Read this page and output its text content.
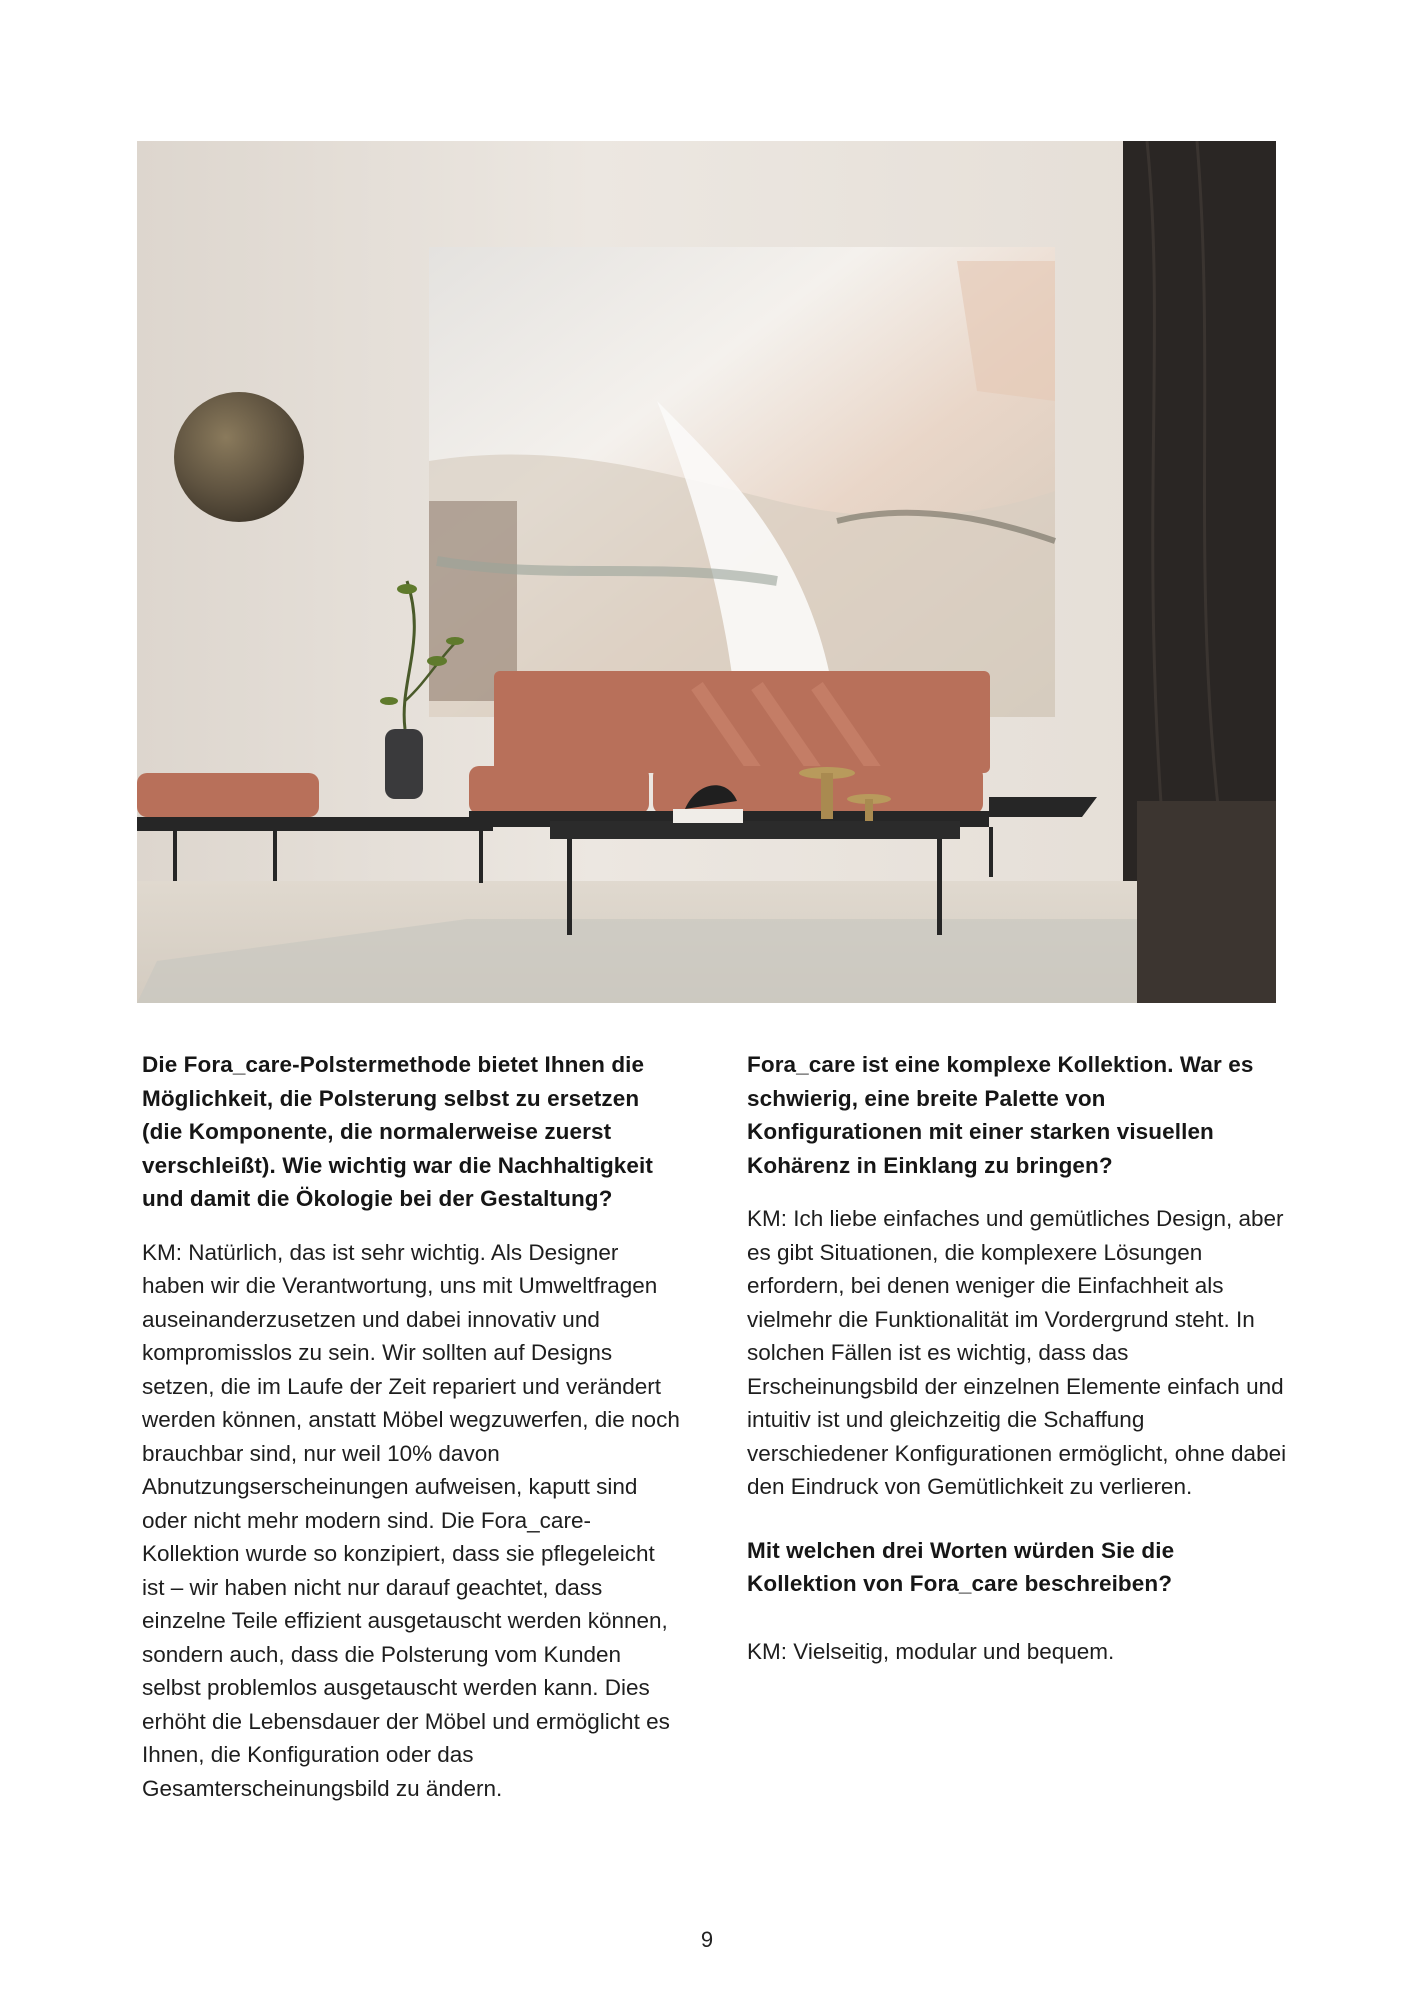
Die Fora_care-Polstermethode bietet Ihnen die Möglichkeit, die Polsterung selbst zu ersetzen (die Komponente, die normalerweise zuerst verschleißt). Wie wichtig war die Nachhaltigkeit und damit die Ökologie bei der Gestaltung?

KM: Natürlich, das ist sehr wichtig. Als Designer haben wir die Verantwortung, uns mit Umweltfragen auseinanderzusetzen und dabei innovativ und kompromisslos zu sein. Wir sollten auf Designs setzen, die im Laufe der Zeit repariert und verändert werden können, anstatt Möbel wegzuwerfen, die noch brauchbar sind, nur weil 10% davon Abnutzungserscheinungen aufweisen, kaputt sind oder nicht mehr modern sind. Die Fora_care-Kollektion wurde so konzipiert, dass sie pflegeleicht ist – wir haben nicht nur darauf geachtet, dass einzelne Teile effizient ausgetauscht werden können, sondern auch, dass die Polsterung vom Kunden selbst problemlos ausgetauscht werden kann. Dies erhöht die Lebensdauer der Möbel und ermöglicht es Ihnen, die Konfiguration oder das Gesamterscheinungsbild zu ändern.

Fora_care ist eine komplexe Kollektion. War es schwierig, eine breite Palette von Konfigurationen mit einer starken visuellen Kohärenz in Einklang zu bringen?

KM: Ich liebe einfaches und gemütliches Design, aber es gibt Situationen, die komplexere Lösungen erfordern, bei denen weniger die Einfachheit als vielmehr die Funktionalität im Vordergrund steht. In solchen Fällen ist es wichtig, dass das Erscheinungsbild der einzelnen Elemente einfach und intuitiv ist und gleichzeitig die Schaffung verschiedener Konfigurationen ermöglicht, ohne dabei den Eindruck von Gemütlichkeit zu verlieren.

Mit welchen drei Worten würden Sie die Kollektion von Fora_care beschreiben?

KM: Vielseitig, modular und bequem.

9
